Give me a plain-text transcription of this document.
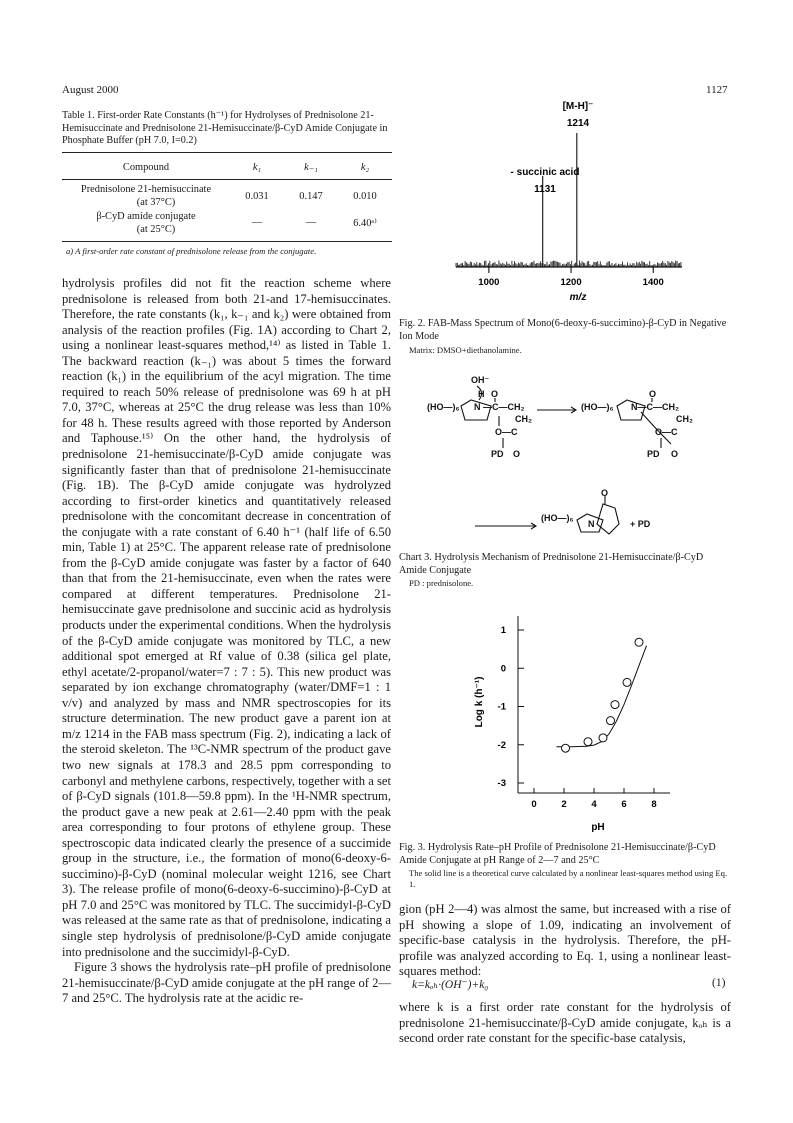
August 2000	1127
Table 1. First-order Rate Constants (h⁻¹) for Hydrolyses of Prednisolone 21-Hemisuccinate and Prednisolone 21-Hemisuccinate/β-CyD Amide Conjugate in Phosphate Buffer (pH 7.0, I=0.2)
Compound	k₁	k₋₁	k₂
Prednisolone 21-hemisuccinate
(at 37°C)	0.031	0.147	0.010

β-CyD amide conjugate
(at 25°C)	—	—	6.40ᵃ⁾
a) A first-order rate constant of prednisolone release from the conjugate.

hydrolysis profiles did not fit the reaction scheme where prednisolone is released from both 21-and 17-hemisuccinates. Therefore, the rate constants (k₁, k₋₁ and k₂) were obtained from analysis of the reaction profiles (Fig. 1A) according to Chart 2, using a nonlinear least-squares method,¹⁴⁾ as listed in Table 1. The backward reaction (k₋₁) was about 5 times the forward reaction (k₁) in the equilibrium of the acyl migration. The time required to reach 50% release of prednisolone was 69 h at pH 7.0, 37°C, whereas at 25°C the drug release was less than 10% for 48 h. These results agreed with those reported by Anderson and Taphouse.¹⁵⁾ On the other hand, the hydrolysis of prednisolone 21-hemisuccinate/β-CyD amide conjugate was significantly faster than that of prednisolone 21-hemisuccinate (Fig. 1B). The β-CyD amide conjugate was hydrolyzed according to first-order kinetics and quantitatively released prednisolone with the concomitant decrease in concentration of the conjugate with a rate constant of 6.40 h⁻¹ (half life of 6.50 min, Table 1) at 25°C. The apparent release rate of prednisolone from the β-CyD amide conjugate was faster by a factor of 640 than that from the 21-hemisuccinate, even when the rates were compared at different temperatures. Prednisolone 21-hemisuccinate gave prednisolone and succinic acid as hydrolysis products under the experimental conditions. When the hydrolysis of the β-CyD amide conjugate was monitored by TLC, a new additional spot emerged at Rf value of 0.38 (silica gel plate, ethyl acetate/2-propanol/water=7 : 7 : 5). This new product was separated by ion exchange chromatography (water/DMF=1 : 1 v/v) and analyzed by mass and NMR spectroscopies for its structure determination. The new product gave a parent ion at m/z 1214 in the FAB mass spectrum (Fig. 2), indicating a lack of the steroid skeleton. The ¹³C-NMR spectrum of the product gave two new signals at 178.3 and 28.5 ppm corresponding to carbonyl and methylene carbons, respectively, together with a set of β-CyD signals (101.8—59.8 ppm). In the ¹H-NMR spectrum, the product gave a new peak at 2.61—2.40 ppm with the peak area corresponding to four protons of ethylene group. These spectroscopic data indicated clearly the presence of a succimide group in the structure, i.e., the formation of mono(6-deoxy-6-succimino)-β-CyD (nominal molecular weight 1216, see Chart 3). The release profile of mono(6-deoxy-6-succimino)-β-CyD at pH 7.0 and 25°C was monitored by TLC. The succimidyl-β-CyD was released at the same rate as that of prednisolone, indicating a single step hydrolysis of prednisolone/β-CyD amide conjugate into prednisolone and the succimidyl-β-CyD.

Figure 3 shows the hydrolysis rate–pH profile of prednisolone 21-hemisuccinate/β-CyD amide conjugate at the pH range of 2—7 and 25°C. The hydrolysis rate at the acidic re-

[M-H]⁻
1214
- succinic acid
1131
1000	1200	1400
m/z
Fig. 2. FAB-Mass Spectrum of Mono(6-deoxy-6-succimino)-β-CyD in Negative Ion Mode
Matrix: DMSO+diethanolamine.
OH⁻
H O
(HO—)₆ N —C—CH₂
CH₂
O—C
PD O
(HO—)₆ N—C—CH₂
O
CH₂
O—C
PD O
(HO—)₆
N
O
+ PD
Chart 3. Hydrolysis Mechanism of Prednisolone 21-Hemisuccinate/β-CyD Amide Conjugate
PD : prednisolone.
1
0
-1
-2
-3
0	2	4	6	8
pH
Log k (h⁻¹)
Fig. 3. Hydrolysis Rate–pH Profile of Prednisolone 21-Hemisuccinate/β-CyD Amide Conjugate at pH Range of 2—7 and 25°C
The solid line is a theoretical curve calculated by a nonlinear least-squares method using Eq. 1.

gion (pH 2—4) was almost the same, but increased with a rise of pH showing a slope of 1.09, indicating an involvement of specific-base catalysis in the hydrolysis. Therefore, the pH-profile was analyzed according to Eq. 1, using a nonlinear least-squares method:

k=kₒₕ·(OH⁻)+k₀	(1)

where k is a first order rate constant for the hydrolysis of prednisolone 21-hemisuccinate/β-CyD amide conjugate, kₒₕ is a second order rate constant for the specific-base catalysis,
